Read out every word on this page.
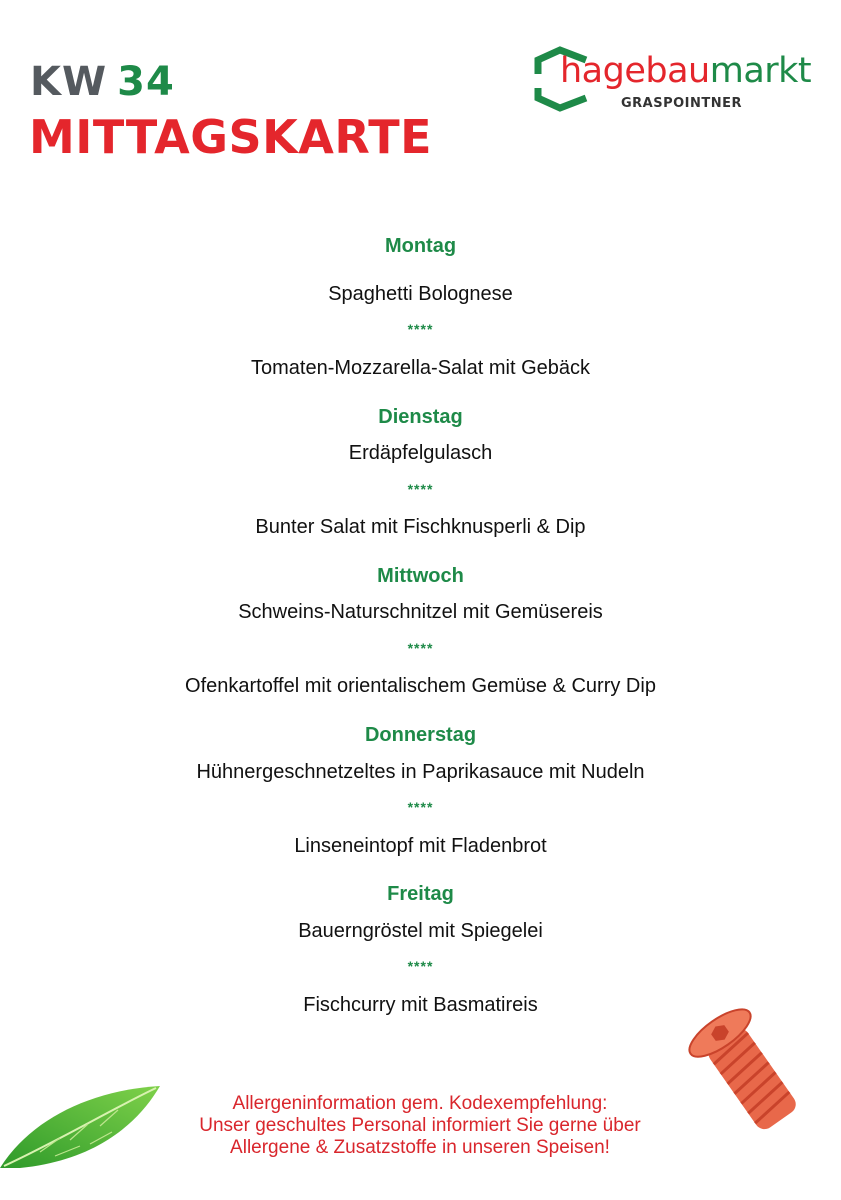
KW 34
MITTAGSKARTE
hagebaumarkt
GRASPOINTNER
Montag
Spaghetti Bolognese
****
Tomaten-Mozzarella-Salat mit Gebäck
Dienstag
Erdäpfelgulasch
****
Bunter Salat mit Fischknusperli & Dip
Mittwoch
Schweins-Naturschnitzel mit Gemüsereis
****
Ofenkartoffel mit orientalischem Gemüse & Curry Dip
Donnerstag
Hühnergeschnetzeltes in Paprikasauce mit Nudeln
****
Linseneintopf mit Fladenbrot
Freitag
Bauerngröstel mit Spiegelei
****
Fischcurry mit Basmatireis
Allergeninformation gem. Kodexempfehlung:
Unser geschultes Personal informiert Sie gerne über
Allergene & Zusatzstoffe in unseren Speisen!
